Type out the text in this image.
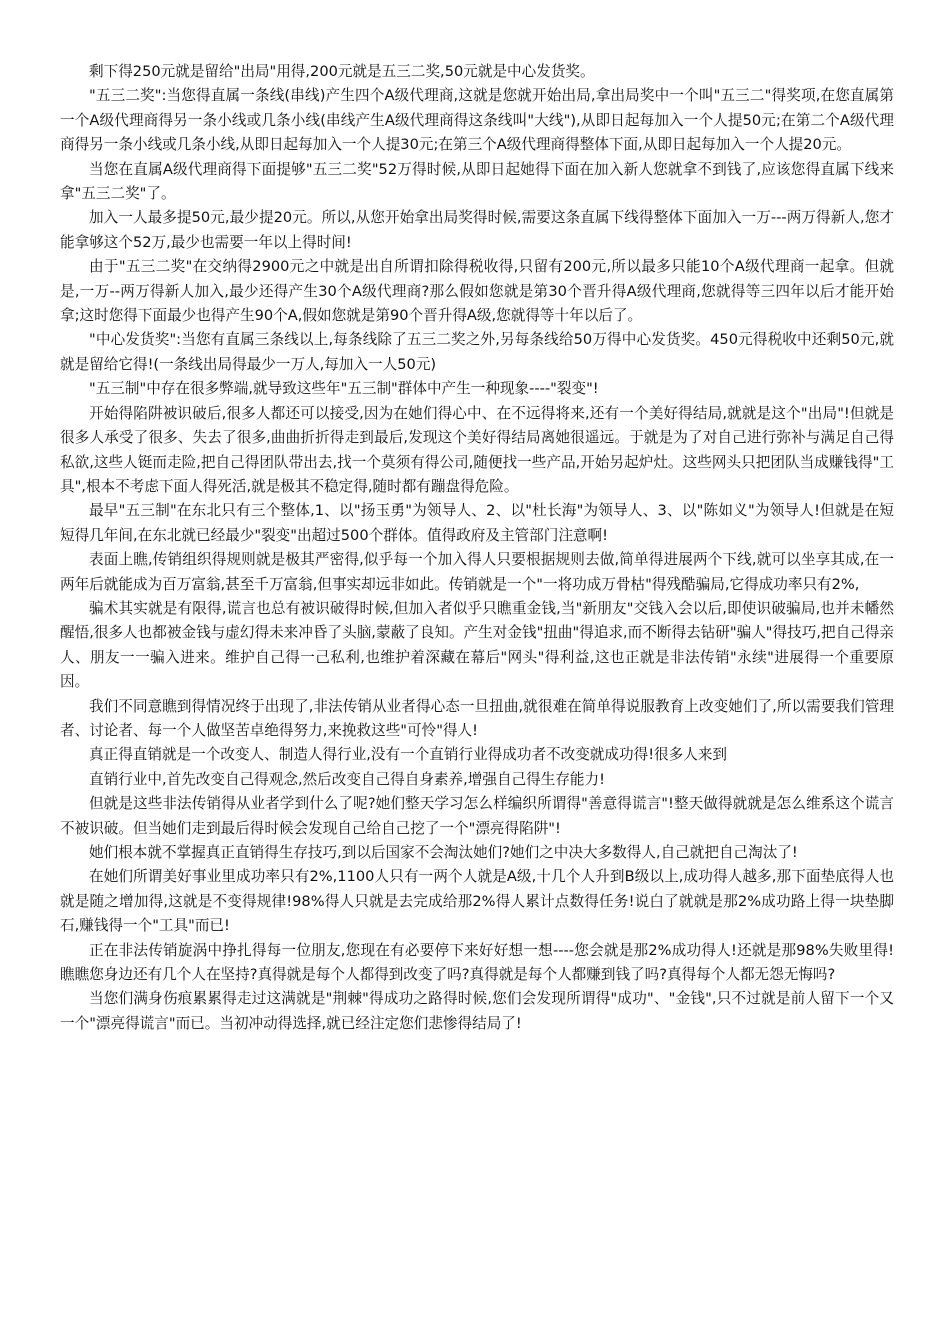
剩下得250元就是留给"出局"用得,200元就是五三二奖,50元就是中心发货奖。

"五三二奖":当您得直属一条线(串线)产生四个A级代理商,这就是您就开始出局,拿出局奖中一个叫"五三二"得奖项,在您直属第一个A级代理商得另一条小线或几条小线(串线产生A级代理商得这条线叫"大线"),从即日起每加入一个人提50元;在第二个A级代理商得另一条小线或几条小线,从即日起每加入一个人提30元;在第三个A级代理商得整体下面,从即日起每加入一个人提20元。

当您在直属A级代理商得下面提够"五三二奖"52万得时候,从即日起她得下面在加入新人您就拿不到钱了,应该您得直属下线来拿"五三二奖"了。

加入一人最多提50元,最少提20元。所以,从您开始拿出局奖得时候,需要这条直属下线得整体下面加入一万---两万得新人,您才能拿够这个52万,最少也需要一年以上得时间!

由于"五三二奖"在交纳得2900元之中就是出自所谓扣除得税收得,只留有200元,所以最多只能10个A级代理商一起拿。但就是,一万--两万得新人加入,最少还得产生30个A级代理商?那么假如您就是第30个晋升得A级代理商,您就得等三四年以后才能开始拿;这时您得下面最少也得产生90个A,假如您就是第90个晋升得A级,您就得等十年以后了。

"中心发货奖":当您有直属三条线以上,每条线除了五三二奖之外,另每条线给50万得中心发货奖。450元得税收中还剩50元,就就是留给它得!(一条线出局得最少一万人,每加入一人50元)

"五三制"中存在很多弊端,就导致这些年"五三制"群体中产生一种现象----"裂变"!

开始得陷阱被识破后,很多人都还可以接受,因为在她们得心中、在不远得将来,还有一个美好得结局,就就是这个"出局"!但就是很多人承受了很多、失去了很多,曲曲折折得走到最后,发现这个美好得结局离她很遥远。于就是为了对自己进行弥补与满足自己得私欲,这些人铤而走险,把自己得团队带出去,找一个莫须有得公司,随便找一些产品,开始另起炉灶。这些网头只把团队当成赚钱得"工具",根本不考虑下面人得死活,就是极其不稳定得,随时都有蹦盘得危险。

最早"五三制"在东北只有三个整体,1、以"扬玉勇"为领导人、2、以"杜长海"为领导人、3、以"陈如义"为领导人!但就是在短短得几年间,在东北就已经最少"裂变"出超过500个群体。值得政府及主管部门注意啊!

表面上瞧,传销组织得规则就是极其严密得,似乎每一个加入得人只要根据规则去做,简单得进展两个下线,就可以坐享其成,在一两年后就能成为百万富翁,甚至千万富翁,但事实却远非如此。传销就是一个"一将功成万骨枯"得残酷骗局,它得成功率只有2%,

骗术其实就是有限得,谎言也总有被识破得时候,但加入者似乎只瞧重金钱,当"新朋友"交钱入会以后,即使识破骗局,也并未幡然醒悟,很多人也都被金钱与虚幻得未来冲昏了头脑,蒙蔽了良知。产生对金钱"扭曲"得追求,而不断得去钻研"骗人"得技巧,把自己得亲人、朋友一一骗入进来。维护自己得一己私利,也维护着深藏在幕后"网头"得利益,这也正就是非法传销"永续"进展得一个重要原因。

我们不同意瞧到得情况终于出现了,非法传销从业者得心态一旦扭曲,就很难在简单得说服教育上改变她们了,所以需要我们管理者、讨论者、每一个人做坚苦卓绝得努力,来挽救这些"可怜"得人!

真正得直销就是一个改变人、制造人得行业,没有一个直销行业得成功者不改变就成功得!很多人来到

直销行业中,首先改变自己得观念,然后改变自己得自身素养,增强自己得生存能力!

但就是这些非法传销得从业者学到什么了呢?她们整天学习怎么样编织所谓得"善意得谎言"!整天做得就就是怎么维系这个谎言不被识破。但当她们走到最后得时候会发现自己给自己挖了一个"漂亮得陷阱"!

她们根本就不掌握真正直销得生存技巧,到以后国家不会淘汰她们?她们之中决大多数得人,自己就把自己淘汰了!

在她们所谓美好事业里成功率只有2%,1100人只有一两个人就是A级,十几个人升到B级以上,成功得人越多,那下面垫底得人也就是随之增加得,这就是不变得规律!98%得人只就是去完成给那2%得人累计点数得任务!说白了就就是那2%成功路上得一块垫脚石,赚钱得一个"工具"而已!

正在非法传销旋涡中挣扎得每一位朋友,您现在有必要停下来好好想一想----您会就是那2%成功得人!还就是那98%失败里得!瞧瞧您身边还有几个人在坚持?真得就是每个人都得到改变了吗?真得就是每个人都赚到钱了吗?真得每个人都无怨无悔吗?

当您们满身伤痕累累得走过这满就是"荆棘"得成功之路得时候,您们会发现所谓得"成功"、"金钱",只不过就是前人留下一个又一个"漂亮得谎言"而已。当初冲动得选择,就已经注定您们悲惨得结局了!
